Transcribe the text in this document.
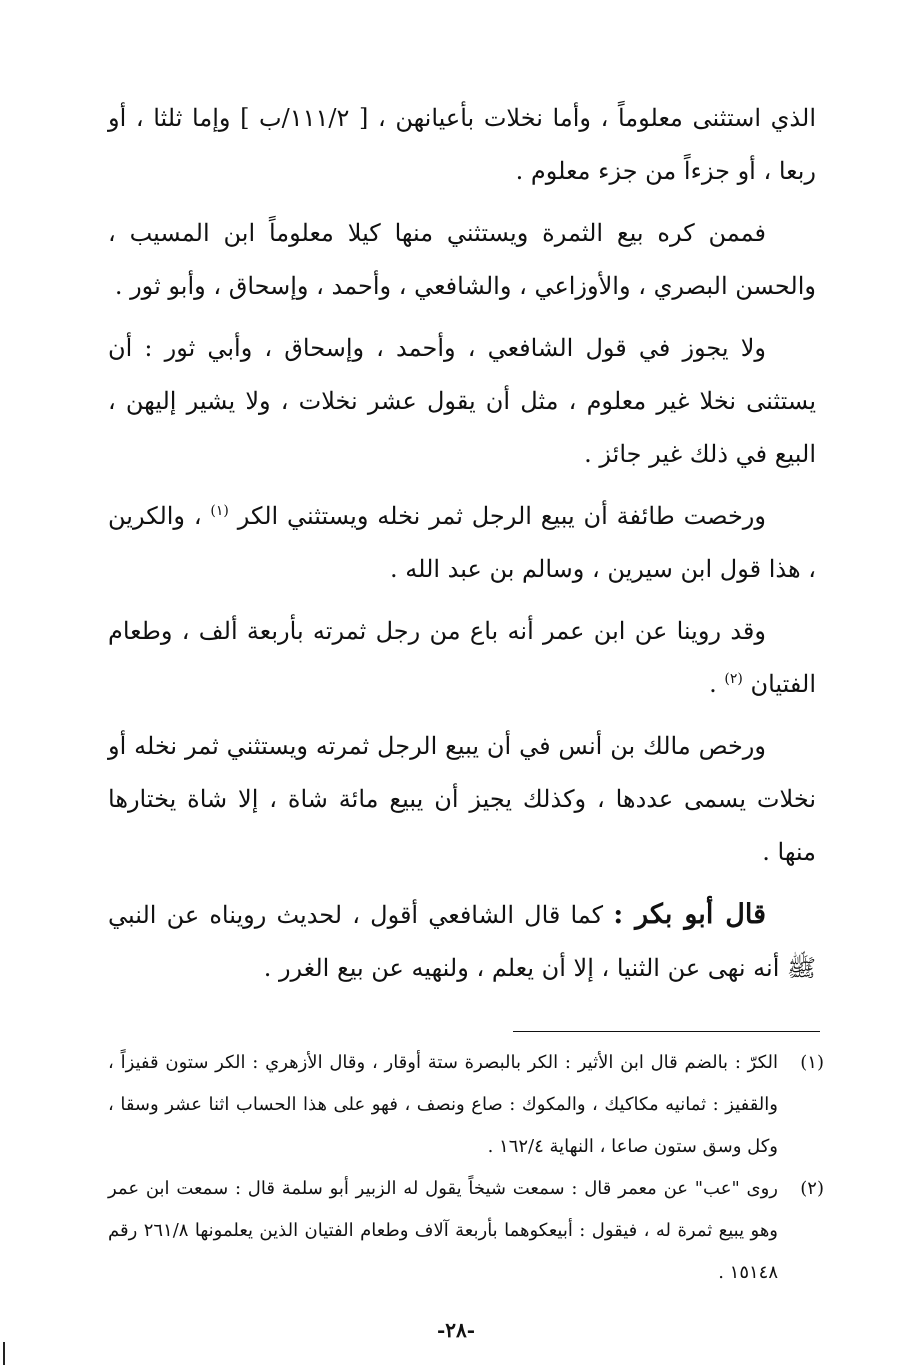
الذي استثنى معلوماً ، وأما نخلات بأعيانهن ، [ ١١١/٢/ب ] وإما ثلثا ، أو ربعا ، أو جزءاً من جزء معلوم .

فممن كره بيع الثمرة ويستثني منها كيلا معلوماً ابن المسيب ، والحسن البصري ، والأوزاعي ، والشافعي ، وأحمد ، وإسحاق ، وأبو ثور .

ولا يجوز في قول الشافعي ، وأحمد ، وإسحاق ، وأبي ثور : أن يستثنى نخلا غير معلوم ، مثل أن يقول عشر نخلات ، ولا يشير إليهن ، البيع في ذلك غير جائز .

ورخصت طائفة أن يبيع الرجل ثمر نخله ويستثني الكر $^{(١)}$ ، والكرين ، هذا قول ابن سيرين ، وسالم بن عبد الله .

وقد روينا عن ابن عمر أنه باع من رجل ثمرته بأربعة ألف ، وطعام الفتيان $^{(٢)}$ .

ورخص مالك بن أنس في أن يبيع الرجل ثمرته ويستثني ثمر نخله أو نخلات يسمى عددها ، وكذلك يجيز أن يبيع مائة شاة ، إلا شاة يختارها منها .

قال أبو بكر : كما قال الشافعي أقول ، لحديث رويناه عن النبي ﷺ أنه نهى عن الثنيا ، إلا أن يعلم ، ولنهيه عن بيع الغرر .

(١)
الكرّ : بالضم قال ابن الأثير : الكر بالبصرة ستة أوقار ، وقال الأزهري : الكر ستون قفيزاً ، والقفيز : ثمانيه مكاكيك ، والمكوك : صاع ونصف ، فهو على هذا الحساب اثنا عشر وسقا ، وكل وسق ستون صاعا ، النهاية ١٦٢/٤ .
(٢)
روى "عب" عن معمر قال : سمعت شيخاً يقول له الزبير أبو سلمة قال : سمعت ابن عمر وهو يبيع ثمرة له ، فيقول : أبيعكوهما بأربعة آلاف وطعام الفتيان الذين يعلمونها ٢٦١/٨ رقم ١٥١٤٨ .
-٢٨-
